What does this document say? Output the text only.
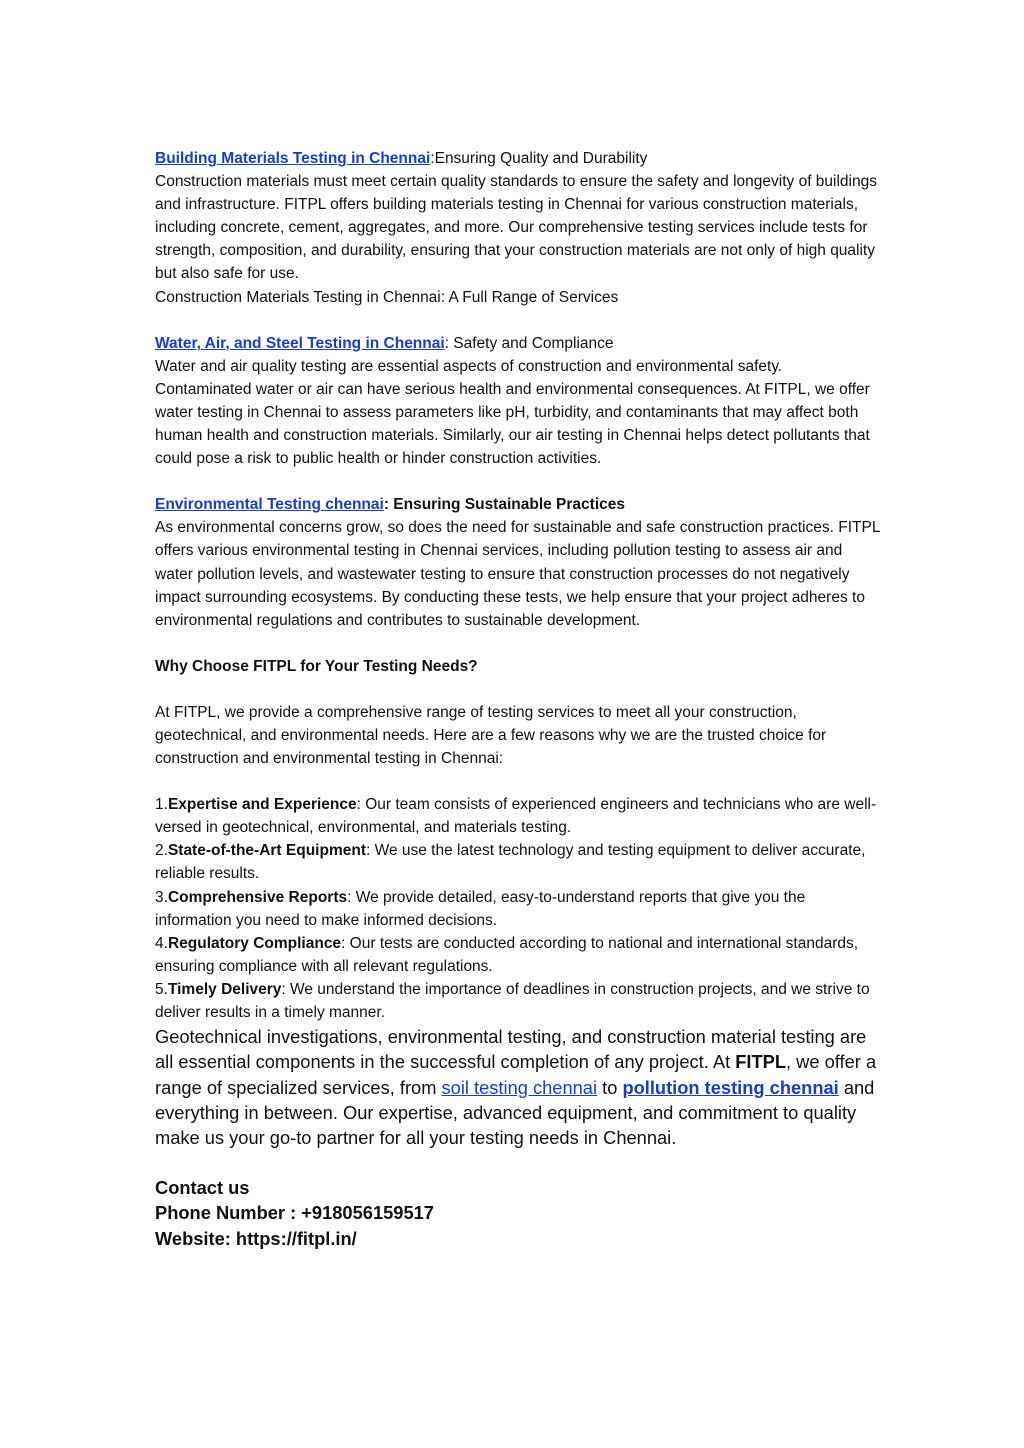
Building Materials Testing in Chennai:Ensuring Quality and Durability
Construction materials must meet certain quality standards to ensure the safety and longevity of buildings and infrastructure. FITPL offers building materials testing in Chennai for various construction materials, including concrete, cement, aggregates, and more. Our comprehensive testing services include tests for strength, composition, and durability, ensuring that your construction materials are not only of high quality but also safe for use.
Construction Materials Testing in Chennai: A Full Range of Services

Water, Air, and Steel Testing in Chennai: Safety and Compliance
Water and air quality testing are essential aspects of construction and environmental safety. Contaminated water or air can have serious health and environmental consequences. At FITPL, we offer water testing in Chennai to assess parameters like pH, turbidity, and contaminants that may affect both human health and construction materials. Similarly, our air testing in Chennai helps detect pollutants that could pose a risk to public health or hinder construction activities.

Environmental Testing chennai: Ensuring Sustainable Practices
As environmental concerns grow, so does the need for sustainable and safe construction practices. FITPL offers various environmental testing in Chennai services, including pollution testing to assess air and water pollution levels, and wastewater testing to ensure that construction processes do not negatively impact surrounding ecosystems. By conducting these tests, we help ensure that your project adheres to environmental regulations and contributes to sustainable development.

Why Choose FITPL for Your Testing Needs?

At FITPL, we provide a comprehensive range of testing services to meet all your construction, geotechnical, and environmental needs. Here are a few reasons why we are the trusted choice for construction and environmental testing in Chennai:

1.Expertise and Experience: Our team consists of experienced engineers and technicians who are well-versed in geotechnical, environmental, and materials testing.

2.State-of-the-Art Equipment: We use the latest technology and testing equipment to deliver accurate, reliable results.

3.Comprehensive Reports: We provide detailed, easy-to-understand reports that give you the information you need to make informed decisions.

4.Regulatory Compliance: Our tests are conducted according to national and international standards, ensuring compliance with all relevant regulations.

5.Timely Delivery: We understand the importance of deadlines in construction projects, and we strive to deliver results in a timely manner.

Geotechnical investigations, environmental testing, and construction material testing are all essential components in the successful completion of any project. At FITPL, we offer a range of specialized services, from soil testing chennai to pollution testing chennai and everything in between. Our expertise, advanced equipment, and commitment to quality make us your go-to partner for all your testing needs in Chennai.

Contact us
Phone Number : +918056159517
Website: https://fitpl.in/
